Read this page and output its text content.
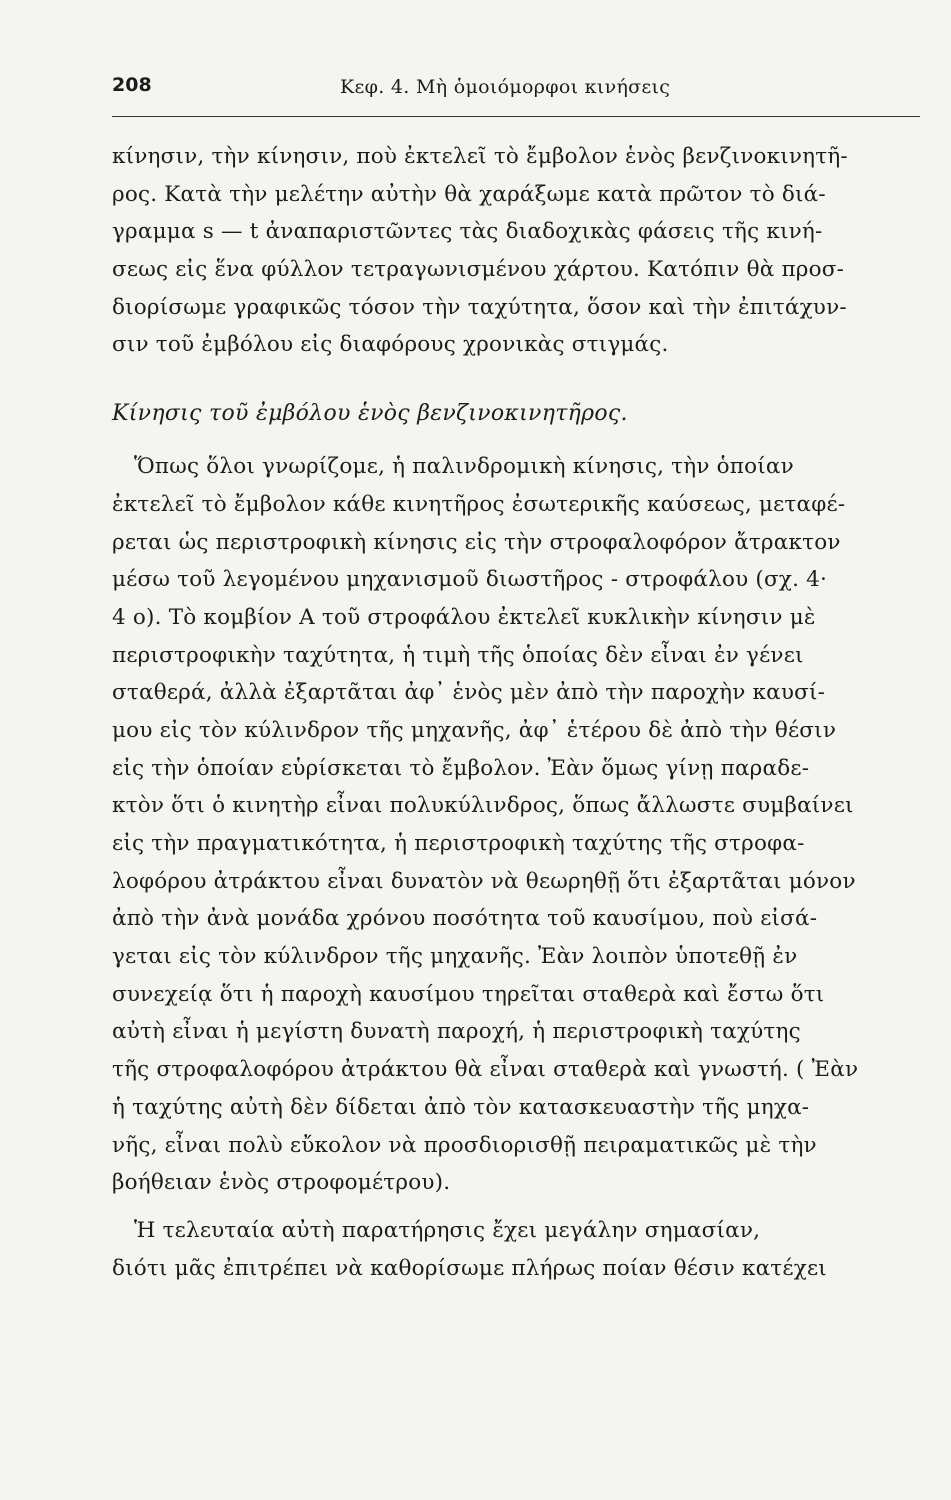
208	Κεφ. 4. Μὴ ὁμοιόμορφοι κινήσεις
κίνησιν, τὴν κίνησιν, ποὺ ἐκτελεῖ τὸ ἔμβολον ἑνὸς βενζινοκινητῆ-
ρος. Κατὰ τὴν μελέτην αὐτὴν θὰ χαράξωμε κατὰ πρῶτον τὸ διά-
γραμμα s — t ἀναπαριστῶντες τὰς διαδοχικὰς φάσεις τῆς κινή-
σεως εἰς ἕνα φύλλον τετραγωνισμένου χάρτου. Κατόπιν θὰ προσ-
διορίσωμε γραφικῶς τόσον τὴν ταχύτητα, ὅσον καὶ τὴν ἐπιτάχυν-
σιν τοῦ ἐμβόλου εἰς διαφόρους χρονικὰς στιγμάς.
Κίνησις τοῦ ἐμβόλου ἑνὸς βενζινοκινητῆρος.
Ὅπως ὅλοι γνωρίζομε, ἡ παλινδρομικὴ κίνησις, τὴν ὁποίαν
ἐκτελεῖ τὸ ἔμβολον κάθε κινητῆρος ἐσωτερικῆς καύσεως, μεταφέ-
ρεται ὡς περιστροφικὴ κίνησις εἰς τὴν στροφαλοφόρον ἄτρακτον
μέσω τοῦ λεγομένου μηχανισμοῦ διωστῆρος - στροφάλου (σχ. 4·
4 ο). Τὸ κομβίον Α τοῦ στροφάλου ἐκτελεῖ κυκλικὴν κίνησιν μὲ
περιστροφικὴν ταχύτητα, ἡ τιμὴ τῆς ὁποίας δὲν εἶναι ἐν γένει
σταθερά, ἀλλὰ ἐξαρτᾶται ἀφ᾿ ἑνὸς μὲν ἀπὸ τὴν παροχὴν καυσί-
μου εἰς τὸν κύλινδρον τῆς μηχανῆς, ἀφ᾿ ἑτέρου δὲ ἀπὸ τὴν θέσιν
εἰς τὴν ὁποίαν εὑρίσκεται τὸ ἔμβολον. Ἐὰν ὅμως γίνῃ παραδε-
κτὸν ὅτι ὁ κινητὴρ εἶναι πολυκύλινδρος, ὅπως ἄλλωστε συμβαίνει
εἰς τὴν πραγματικότητα, ἡ περιστροφικὴ ταχύτης τῆς στροφα-
λοφόρου ἀτράκτου εἶναι δυνατὸν νὰ θεωρηθῇ ὅτι ἐξαρτᾶται μόνον
ἀπὸ τὴν ἀνὰ μονάδα χρόνου ποσότητα τοῦ καυσίμου, ποὺ εἰσά-
γεται εἰς τὸν κύλινδρον τῆς μηχανῆς. Ἐὰν λοιπὸν ὑποτεθῇ ἐν
συνεχείᾳ ὅτι ἡ παροχὴ καυσίμου τηρεῖται σταθερὰ καὶ ἔστω ὅτι
αὐτὴ εἶναι ἡ μεγίστη δυνατὴ παροχή, ἡ περιστροφικὴ ταχύτης
τῆς στροφαλοφόρου ἀτράκτου θὰ εἶναι σταθερὰ καὶ γνωστή. ( Ἐὰν
ἡ ταχύτης αὐτὴ δὲν δίδεται ἀπὸ τὸν κατασκευαστὴν τῆς μηχα-
νῆς, εἶναι πολὺ εὔκολον νὰ προσδιορισθῇ πειραματικῶς μὲ τὴν
βοήθειαν ἑνὸς στροφομέτρου).
Ἡ τελευταία αὐτὴ παρατήρησις ἔχει μεγάλην σημασίαν,
διότι μᾶς ἐπιτρέπει νὰ καθορίσωμε πλήρως ποίαν θέσιν κατέχει
